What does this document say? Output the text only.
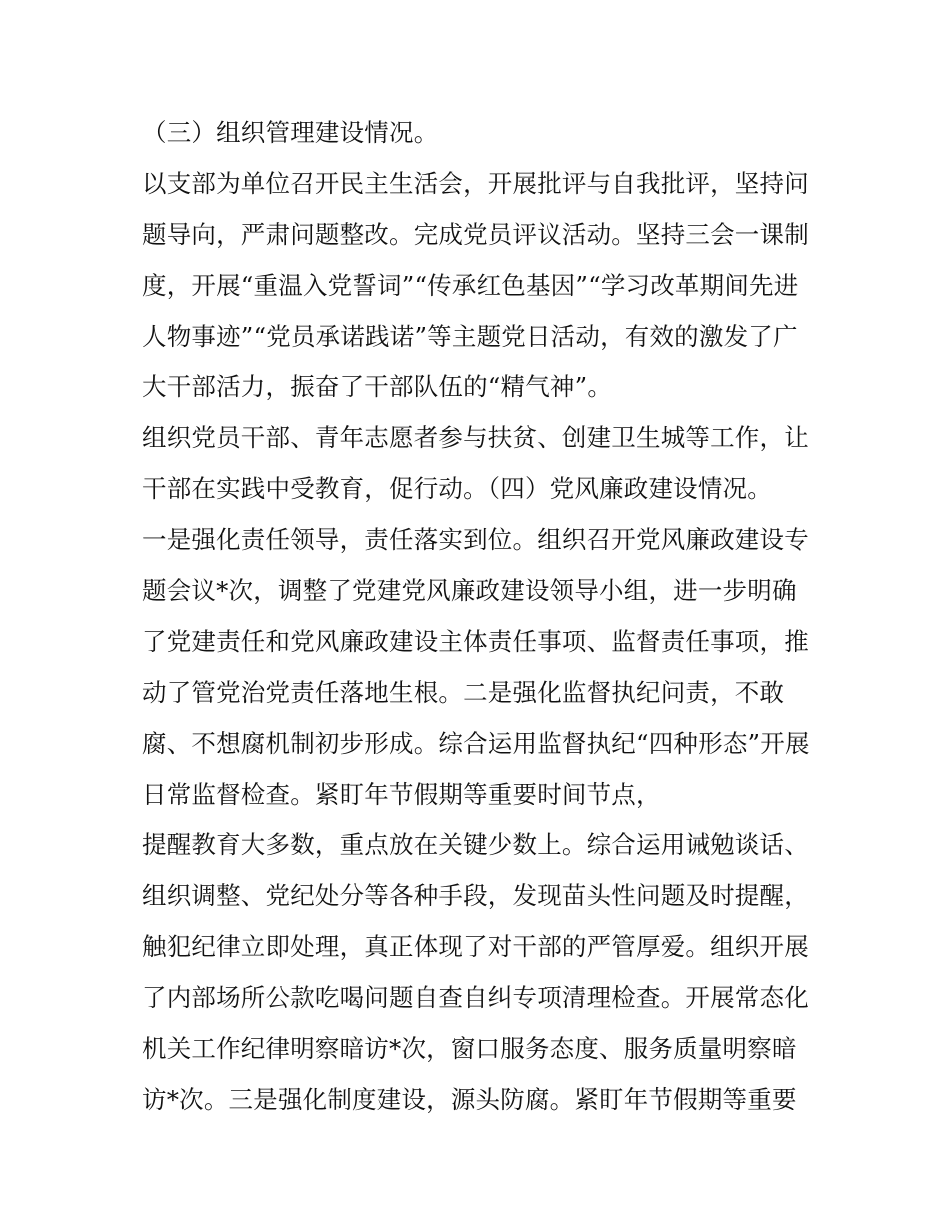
（三）组织管理建设情况。
以支部为单位召开民主生活会，开展批评与自我批评，坚持问
题导向，严肃问题整改。完成党员评议活动。坚持三会一课制
度，开展“重温入党誓词”“传承红色基因”“学习改革期间先进
人物事迹”“党员承诺践诺”等主题党日活动，有效的激发了广
大干部活力，振奋了干部队伍的“精气神”。
组织党员干部、青年志愿者参与扶贫、创建卫生城等工作，让
干部在实践中受教育，促行动。（四）党风廉政建设情况。
一是强化责任领导，责任落实到位。组织召开党风廉政建设专
题会议*次，调整了党建党风廉政建设领导小组，进一步明确
了党建责任和党风廉政建设主体责任事项、监督责任事项，推
动了管党治党责任落地生根。二是强化监督执纪问责，不敢
腐、不想腐机制初步形成。综合运用监督执纪“四种形态”开展
日常监督检查。紧盯年节假期等重要时间节点，
提醒教育大多数，重点放在关键少数上。综合运用诫勉谈话、
组织调整、党纪处分等各种手段，发现苗头性问题及时提醒，
触犯纪律立即处理，真正体现了对干部的严管厚爱。组织开展
了内部场所公款吃喝问题自查自纠专项清理检查。开展常态化
机关工作纪律明察暗访*次，窗口服务态度、服务质量明察暗
访*次。三是强化制度建设，源头防腐。紧盯年节假期等重要
